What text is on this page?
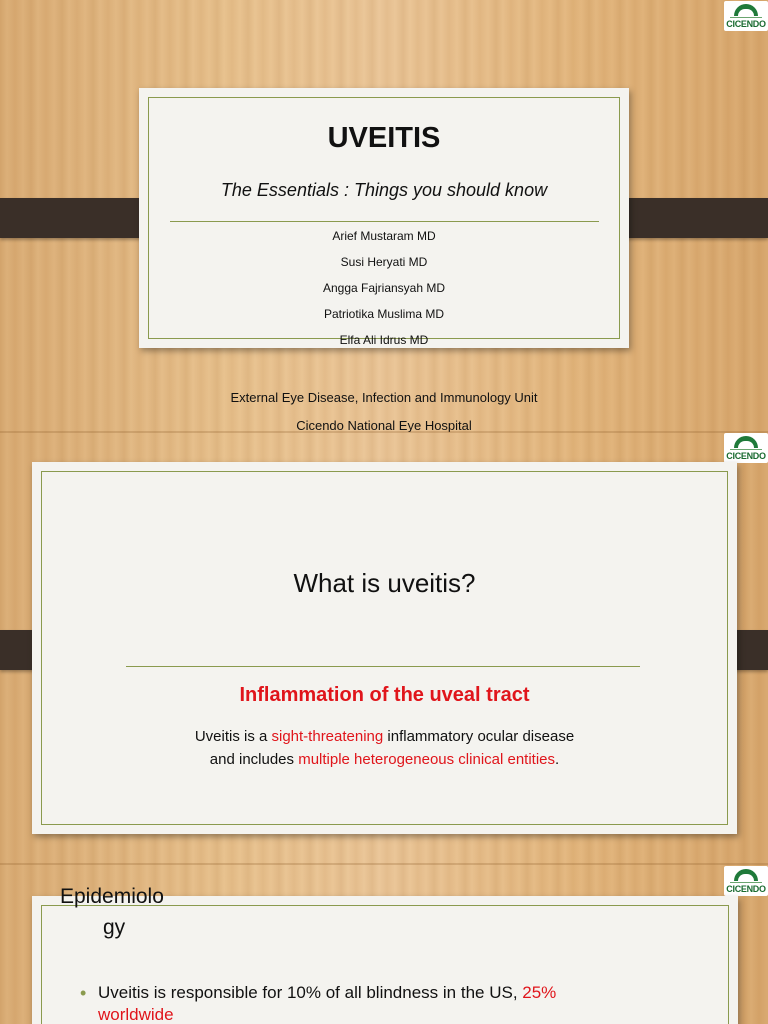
CICENDO
UVEITIS
The Essentials : Things you should know
Arief Mustaram MD
Susi Heryati MD
Angga Fajriansyah MD
Patriotika Muslima MD
Elfa Ali Idrus MD
External Eye Disease, Infection and Immunology Unit
Cicendo National Eye Hospital
CICENDO
What is uveitis?
Inflammation of the uveal tract
Uveitis is a sight-threatening inflammatory ocular disease
and includes multiple heterogeneous clinical entities.
CICENDO
Epidemiolo
gy
• Uveitis is responsible for 10% of all blindness in the US, 25%
worldwide
